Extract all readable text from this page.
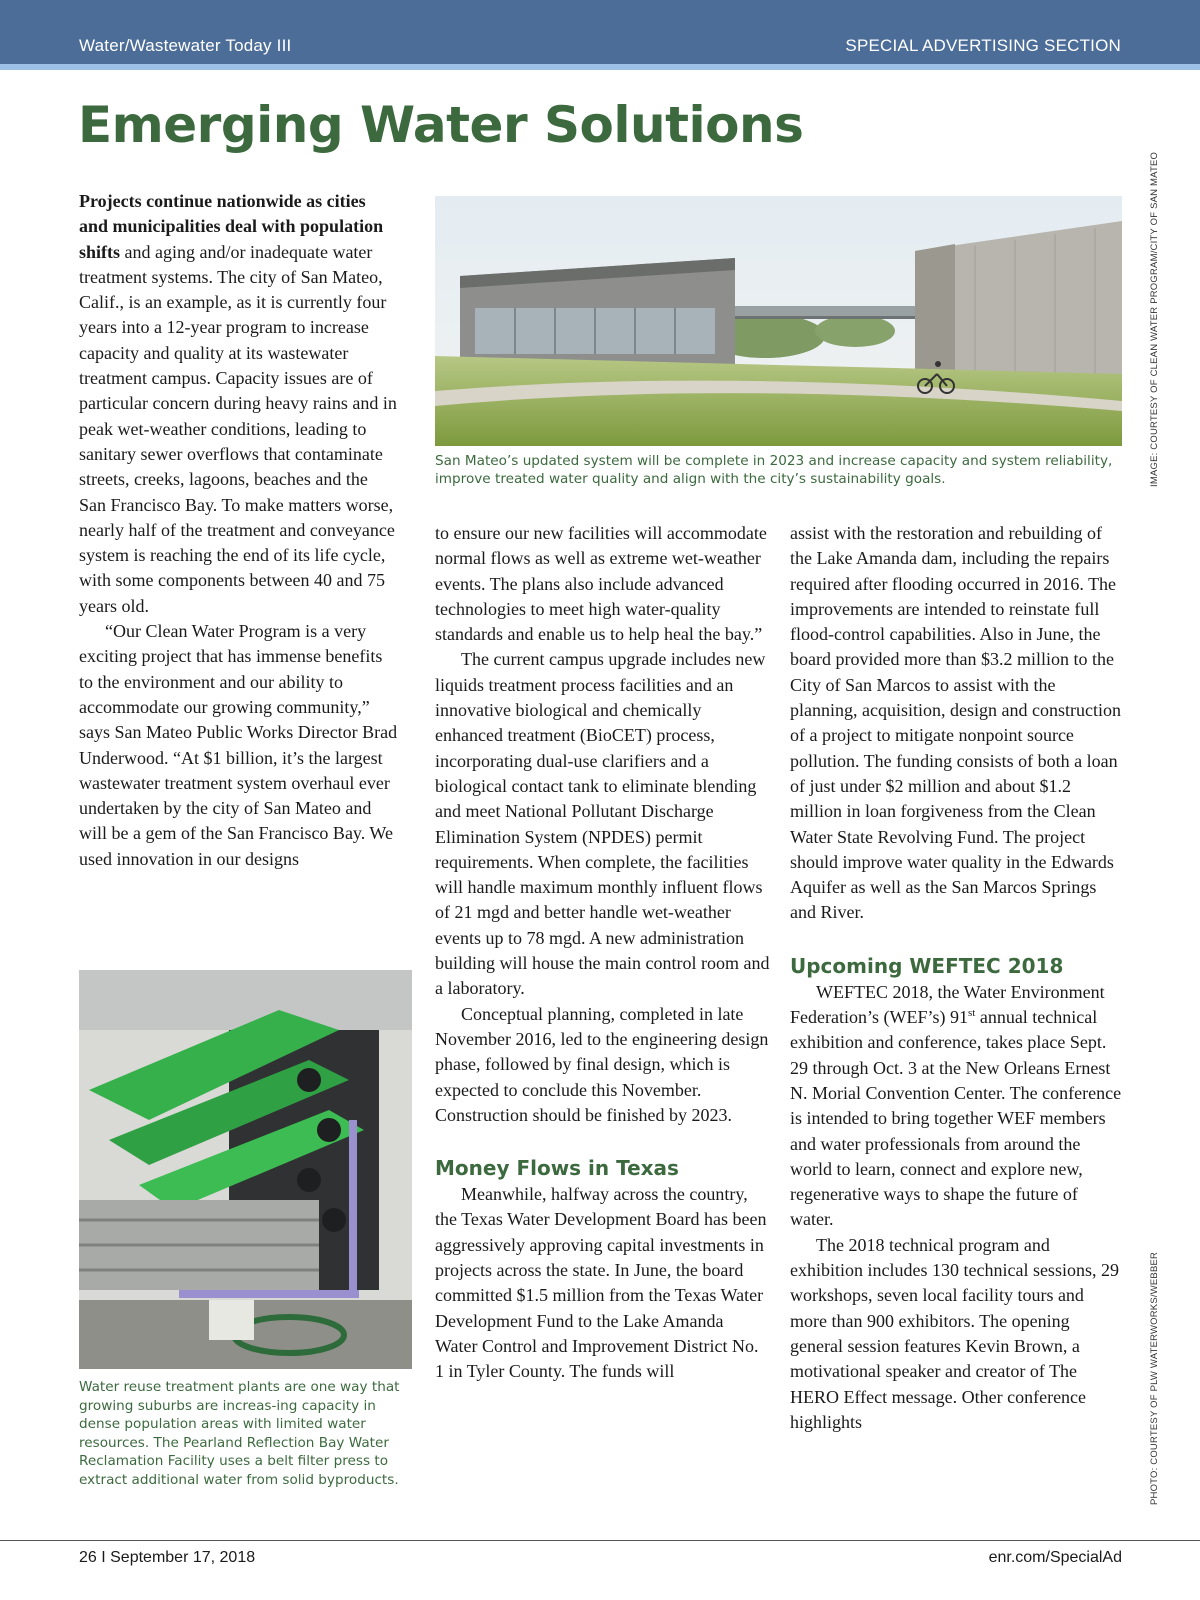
Water/Wastewater Today III	SPECIAL ADVERTISING SECTION
Emerging Water Solutions

Projects continue nationwide as cities and municipalities deal with population shifts and aging and/or inadequate water treatment systems. The city of San Mateo, Calif., is an example, as it is currently four years into a 12-year program to increase capacity and quality at its wastewater treatment campus. Capacity issues are of particular concern during heavy rains and in peak wet-weather conditions, leading to sanitary sewer overflows that contaminate streets, creeks, lagoons, beaches and the San Francisco Bay. To make matters worse, nearly half of the treatment and conveyance system is reaching the end of its life cycle, with some components between 40 and 75 years old.

“Our Clean Water Program is a very exciting project that has immense benefits to the environment and our ability to accommodate our growing community,” says San Mateo Public Works Director Brad Underwood. “At $1 billion, it’s the largest wastewater treatment system overhaul ever undertaken by the city of San Mateo and will be a gem of the San Francisco Bay. We used innovation in our designs

San Mateo’s updated system will be complete in 2023 and increase capacity and system reliability, improve treated water quality and align with the city’s sustainability goals.

to ensure our new facilities will accommodate normal flows as well as extreme wet-weather events. The plans also include advanced technologies to meet high water-quality standards and enable us to help heal the bay.”

The current campus upgrade includes new liquids treatment process facilities and an innovative biological and chemically enhanced treatment (BioCET) process, incorporating dual-use clarifiers and a biological contact tank to eliminate blending and meet National Pollutant Discharge Elimination System (NPDES) permit requirements. When complete, the facilities will handle maximum monthly influent flows of 21 mgd and better handle wet-weather events up to 78 mgd. A new administration building will house the main control room and a laboratory.

Conceptual planning, completed in late November 2016, led to the engineering design phase, followed by final design, which is expected to conclude this November. Construction should be finished by 2023.

Money Flows in Texas

Meanwhile, halfway across the country, the Texas Water Development Board has been aggressively approving capital investments in projects across the state. In June, the board committed $1.5 million from the Texas Water Development Fund to the Lake Amanda Water Control and Improvement District No. 1 in Tyler County. The funds will

assist with the restoration and rebuilding of the Lake Amanda dam, including the repairs required after flooding occurred in 2016. The improvements are intended to reinstate full flood-control capabilities. Also in June, the board provided more than $3.2 million to the City of San Marcos to assist with the planning, acquisition, design and construction of a project to mitigate nonpoint source pollution. The funding consists of both a loan of just under $2 million and about $1.2 million in loan forgiveness from the Clean Water State Revolving Fund. The project should improve water quality in the Edwards Aquifer as well as the San Marcos Springs and River.

Upcoming WEFTEC 2018

WEFTEC 2018, the Water Environment Federation’s (WEF’s) 91st annual technical exhibition and conference, takes place Sept. 29 through Oct. 3 at the New Orleans Ernest N. Morial Convention Center. The conference is intended to bring together WEF members and water professionals from around the world to learn, connect and explore new, regenerative ways to shape the future of water.

The 2018 technical program and exhibition includes 130 technical sessions, 29 workshops, seven local facility tours and more than 900 exhibitors. The opening general session features Kevin Brown, a motivational speaker and creator of The HERO Effect message. Other conference highlights

Water reuse treatment plants are one way that growing suburbs are increas-ing capacity in dense population areas with limited water resources. The Pearland Reflection Bay Water Reclamation Facility uses a belt filter press to extract additional water from solid byproducts.
IMAGE: COURTESY OF CLEAN WATER PROGRAM/CITY OF SAN MATEO
PHOTO: COURTESY OF PLW WATERWORKS/WEBBER
26 I September 17, 2018	enr.com/SpecialAd
